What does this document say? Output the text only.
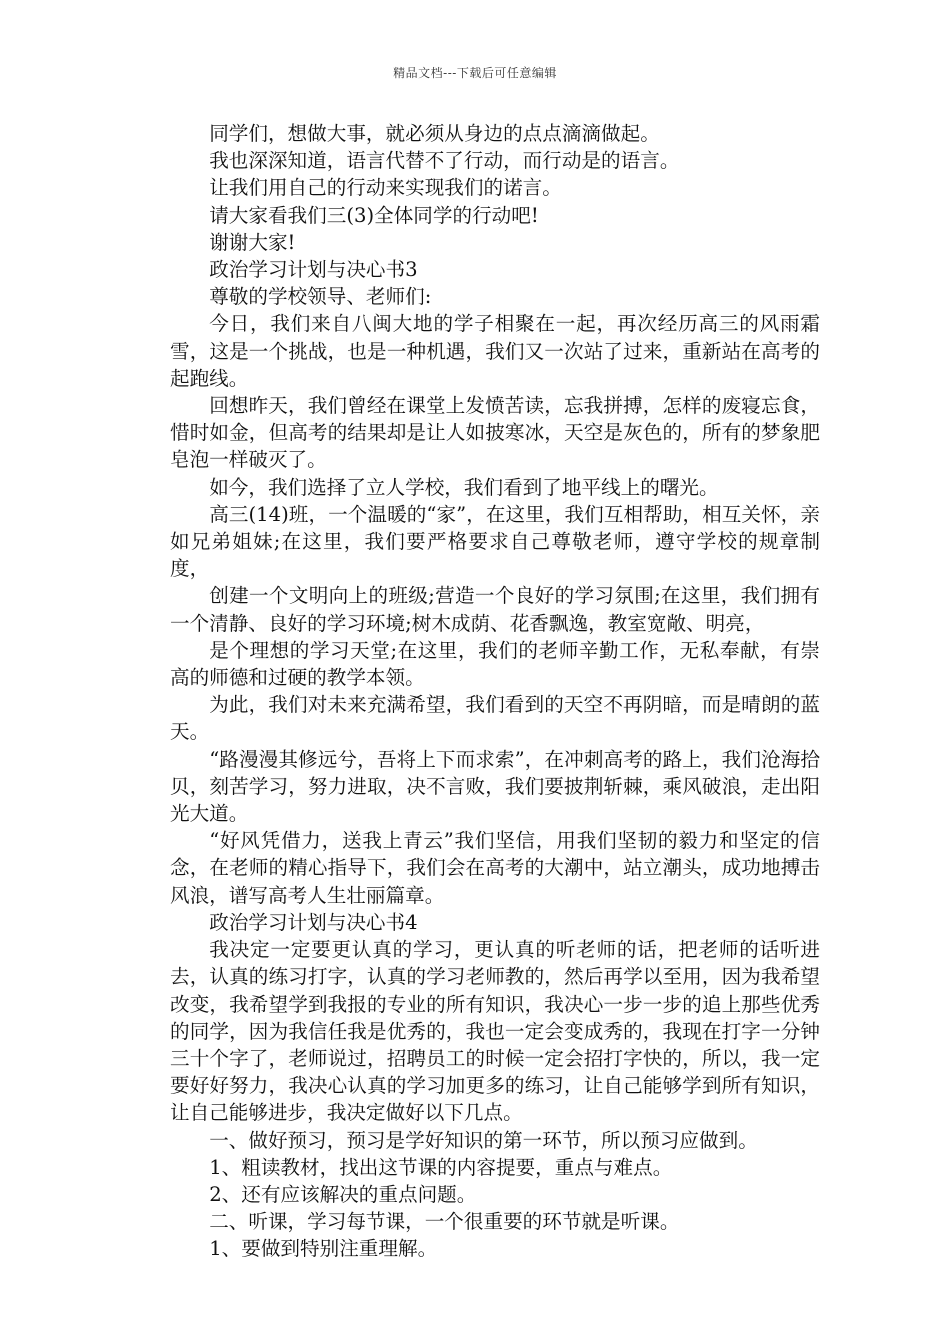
精品文档---下载后可任意编辑

同学们，想做大事，就必须从身边的点点滴滴做起。

我也深深知道，语言代替不了行动，而行动是的语言。

让我们用自己的行动来实现我们的诺言。

请大家看我们三(3)全体同学的行动吧!

谢谢大家!

政治学习计划与决心书3

尊敬的学校领导、老师们:

今日，我们来自八闽大地的学子相聚在一起，再次经历高三的风雨霜雪，这是一个挑战，也是一种机遇，我们又一次站了过来，重新站在高考的起跑线。

回想昨天，我们曾经在课堂上发愤苦读，忘我拼搏，怎样的废寝忘食，惜时如金，但高考的结果却是让人如披寒冰，天空是灰色的，所有的梦象肥皂泡一样破灭了。

如今，我们选择了立人学校，我们看到了地平线上的曙光。

高三(14)班，一个温暖的“家”，在这里，我们互相帮助，相互关怀，亲如兄弟姐妹;在这里，我们要严格要求自己尊敬老师，遵守学校的规章制度，

创建一个文明向上的班级;营造一个良好的学习氛围;在这里，我们拥有一个清静、良好的学习环境;树木成荫、花香飘逸，教室宽敞、明亮，

是个理想的学习天堂;在这里，我们的老师辛勤工作，无私奉献，有崇高的师德和过硬的教学本领。

为此，我们对未来充满希望，我们看到的天空不再阴暗，而是晴朗的蓝天。

“路漫漫其修远兮，吾将上下而求索”，在冲刺高考的路上，我们沧海拾贝，刻苦学习，努力进取，决不言败，我们要披荆斩棘，乘风破浪，走出阳光大道。

“好风凭借力，送我上青云”我们坚信，用我们坚韧的毅力和坚定的信念，在老师的精心指导下，我们会在高考的大潮中，站立潮头，成功地搏击风浪，谱写高考人生壮丽篇章。

政治学习计划与决心书4

我决定一定要更认真的学习，更认真的听老师的话，把老师的话听进去，认真的练习打字，认真的学习老师教的，然后再学以至用，因为我希望改变，我希望学到我报的专业的所有知识，我决心一步一步的追上那些优秀的同学，因为我信任我是优秀的，我也一定会变成秀的，我现在打字一分钟三十个字了，老师说过，招聘员工的时候一定会招打字快的，所以，我一定要好好努力，我决心认真的学习加更多的练习，让自己能够学到所有知识，让自己能够进步，我决定做好以下几点。

一、做好预习，预习是学好知识的第一环节，所以预习应做到。

1、粗读教材，找出这节课的内容提要，重点与难点。

2、还有应该解决的重点问题。

二、听课，学习每节课，一个很重要的环节就是听课。

1、要做到特别注重理解。
